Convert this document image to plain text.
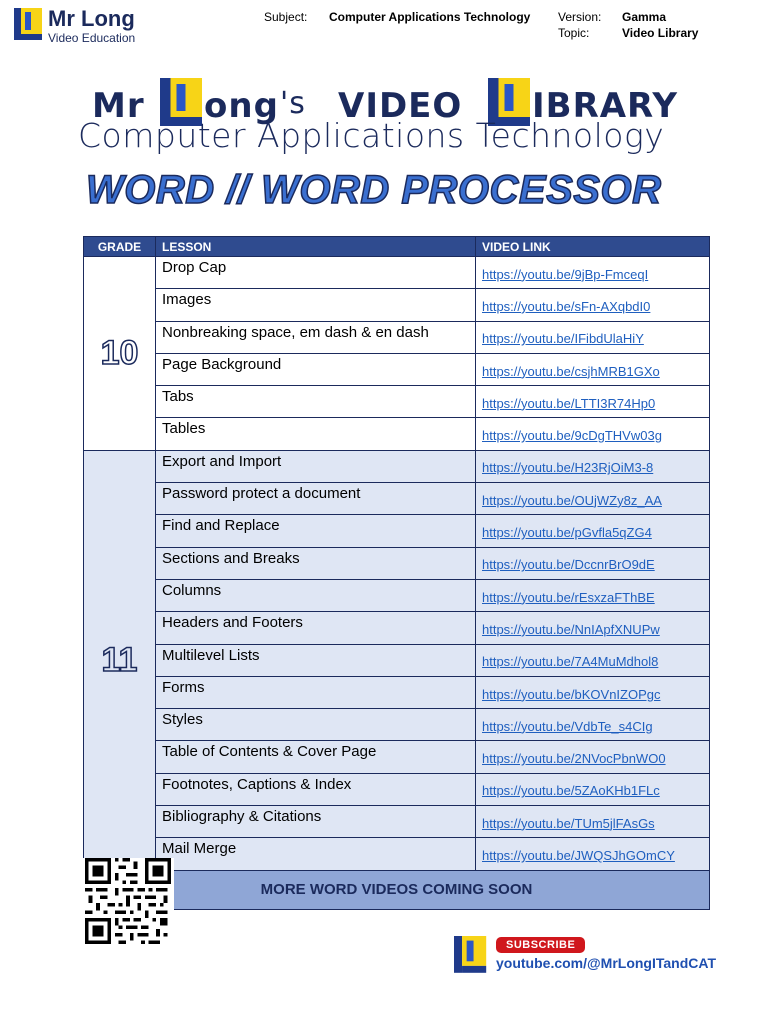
Mr Long
Video Education
Subject: Computer Applications Technology Version: Gamma
Topic:	Video Library
Mr ong 's VIDEO IBRARY
Computer Applications Technology
WORD // WORD PROCESSOR
GRADE	LESSON	VIDEO LINK
10	Drop Cap	https://youtu.be/9jBp-FmceqI
	Images	https://youtu.be/sFn-AXqbdI0
	Nonbreaking space, em dash & en dash	https://youtu.be/IFibdUlaHiY
	Page Background	https://youtu.be/csjhMRB1GXo
	Tabs	https://youtu.be/LTTI3R74Hp0
	Tables	https://youtu.be/9cDgTHVw03g
11	Export and Import	https://youtu.be/H23RjOiM3-8
	Password protect a document	https://youtu.be/OUjWZy8z_AA
	Find and Replace	https://youtu.be/pGvfla5qZG4
	Sections and Breaks	https://youtu.be/DccnrBrO9dE
	Columns	https://youtu.be/rEsxzaFThBE
	Headers and Footers	https://youtu.be/NnIApfXNUPw
	Multilevel Lists	https://youtu.be/7A4MuMdhol8
	Forms	https://youtu.be/bKOVnIZOPgc
	Styles	https://youtu.be/VdbTe_s4CIg
	Table of Contents & Cover Page	https://youtu.be/2NVocPbnWO0
	Footnotes, Captions & Index	https://youtu.be/5ZAoKHb1FLc
	Bibliography & Citations	https://youtu.be/TUm5jlFAsGs
	Mail Merge	https://youtu.be/JWQSJhGOmCY
MORE WORD VIDEOS COMING SOON		
SUBSCRIBE
youtube.com/@MrLongITandCAT
